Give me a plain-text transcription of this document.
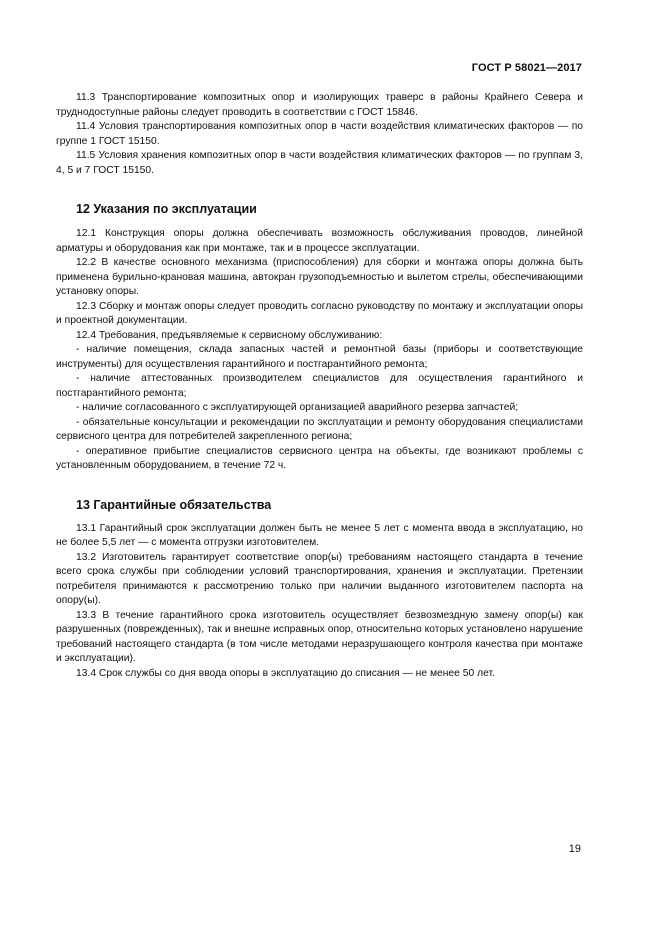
ГОСТ Р 58021—2017

11.3 Транспортирование композитных опор и изолирующих траверс в районы Крайнего Севера и труднодоступные районы следует проводить в соответствии с ГОСТ 15846.

11.4 Условия транспортирования композитных опор в части воздействия климатических факторов — по группе 1 ГОСТ 15150.

11.5 Условия хранения композитных опор в части воздействия климатических факторов — по группам 3, 4, 5 и 7 ГОСТ 15150.

12 Указания по эксплуатации

12.1 Конструкция опоры должна обеспечивать возможность обслуживания проводов, линейной арматуры и оборудования как при монтаже, так и в процессе эксплуатации.

12.2 В качестве основного механизма (приспособления) для сборки и монтажа опоры должна быть применена бурильно-крановая машина, автокран грузоподъемностью и вылетом стрелы, обеспечивающими установку опоры.

12.3 Сборку и монтаж опоры следует проводить согласно руководству по монтажу и эксплуатации опоры и проектной документации.

12.4 Требования, предъявляемые к сервисному обслуживанию:

- наличие помещения, склада запасных частей и ремонтной базы (приборы и соответствующие инструменты) для осуществления гарантийного и постгарантийного ремонта;

- наличие аттестованных производителем специалистов для осуществления гарантийного и постгарантийного ремонта;

- наличие согласованного с эксплуатирующей организацией аварийного резерва запчастей;

- обязательные консультации и рекомендации по эксплуатации и ремонту оборудования специалистами сервисного центра для потребителей закрепленного региона;

- оперативное прибытие специалистов сервисного центра на объекты, где возникают проблемы с установленным оборудованием, в течение 72 ч.

13 Гарантийные обязательства

13.1 Гарантийный срок эксплуатации должен быть не менее 5 лет с момента ввода в эксплуатацию, но не более 5,5 лет — с момента отгрузки изготовителем.

13.2 Изготовитель гарантирует соответствие опор(ы) требованиям настоящего стандарта в течение всего срока службы при соблюдении условий транспортирования, хранения и эксплуатации. Претензии потребителя принимаются к рассмотрению только при наличии выданного изготовителем паспорта на опору(ы).

13.3 В течение гарантийного срока изготовитель осуществляет безвозмездную замену опор(ы) как разрушенных (поврежденных), так и внешне исправных опор, относительно которых установлено нарушение требований настоящего стандарта (в том числе методами неразрушающего контроля качества при монтаже и эксплуатации).

13.4 Срок службы со дня ввода опоры в эксплуатацию до списания — не менее 50 лет.

19
